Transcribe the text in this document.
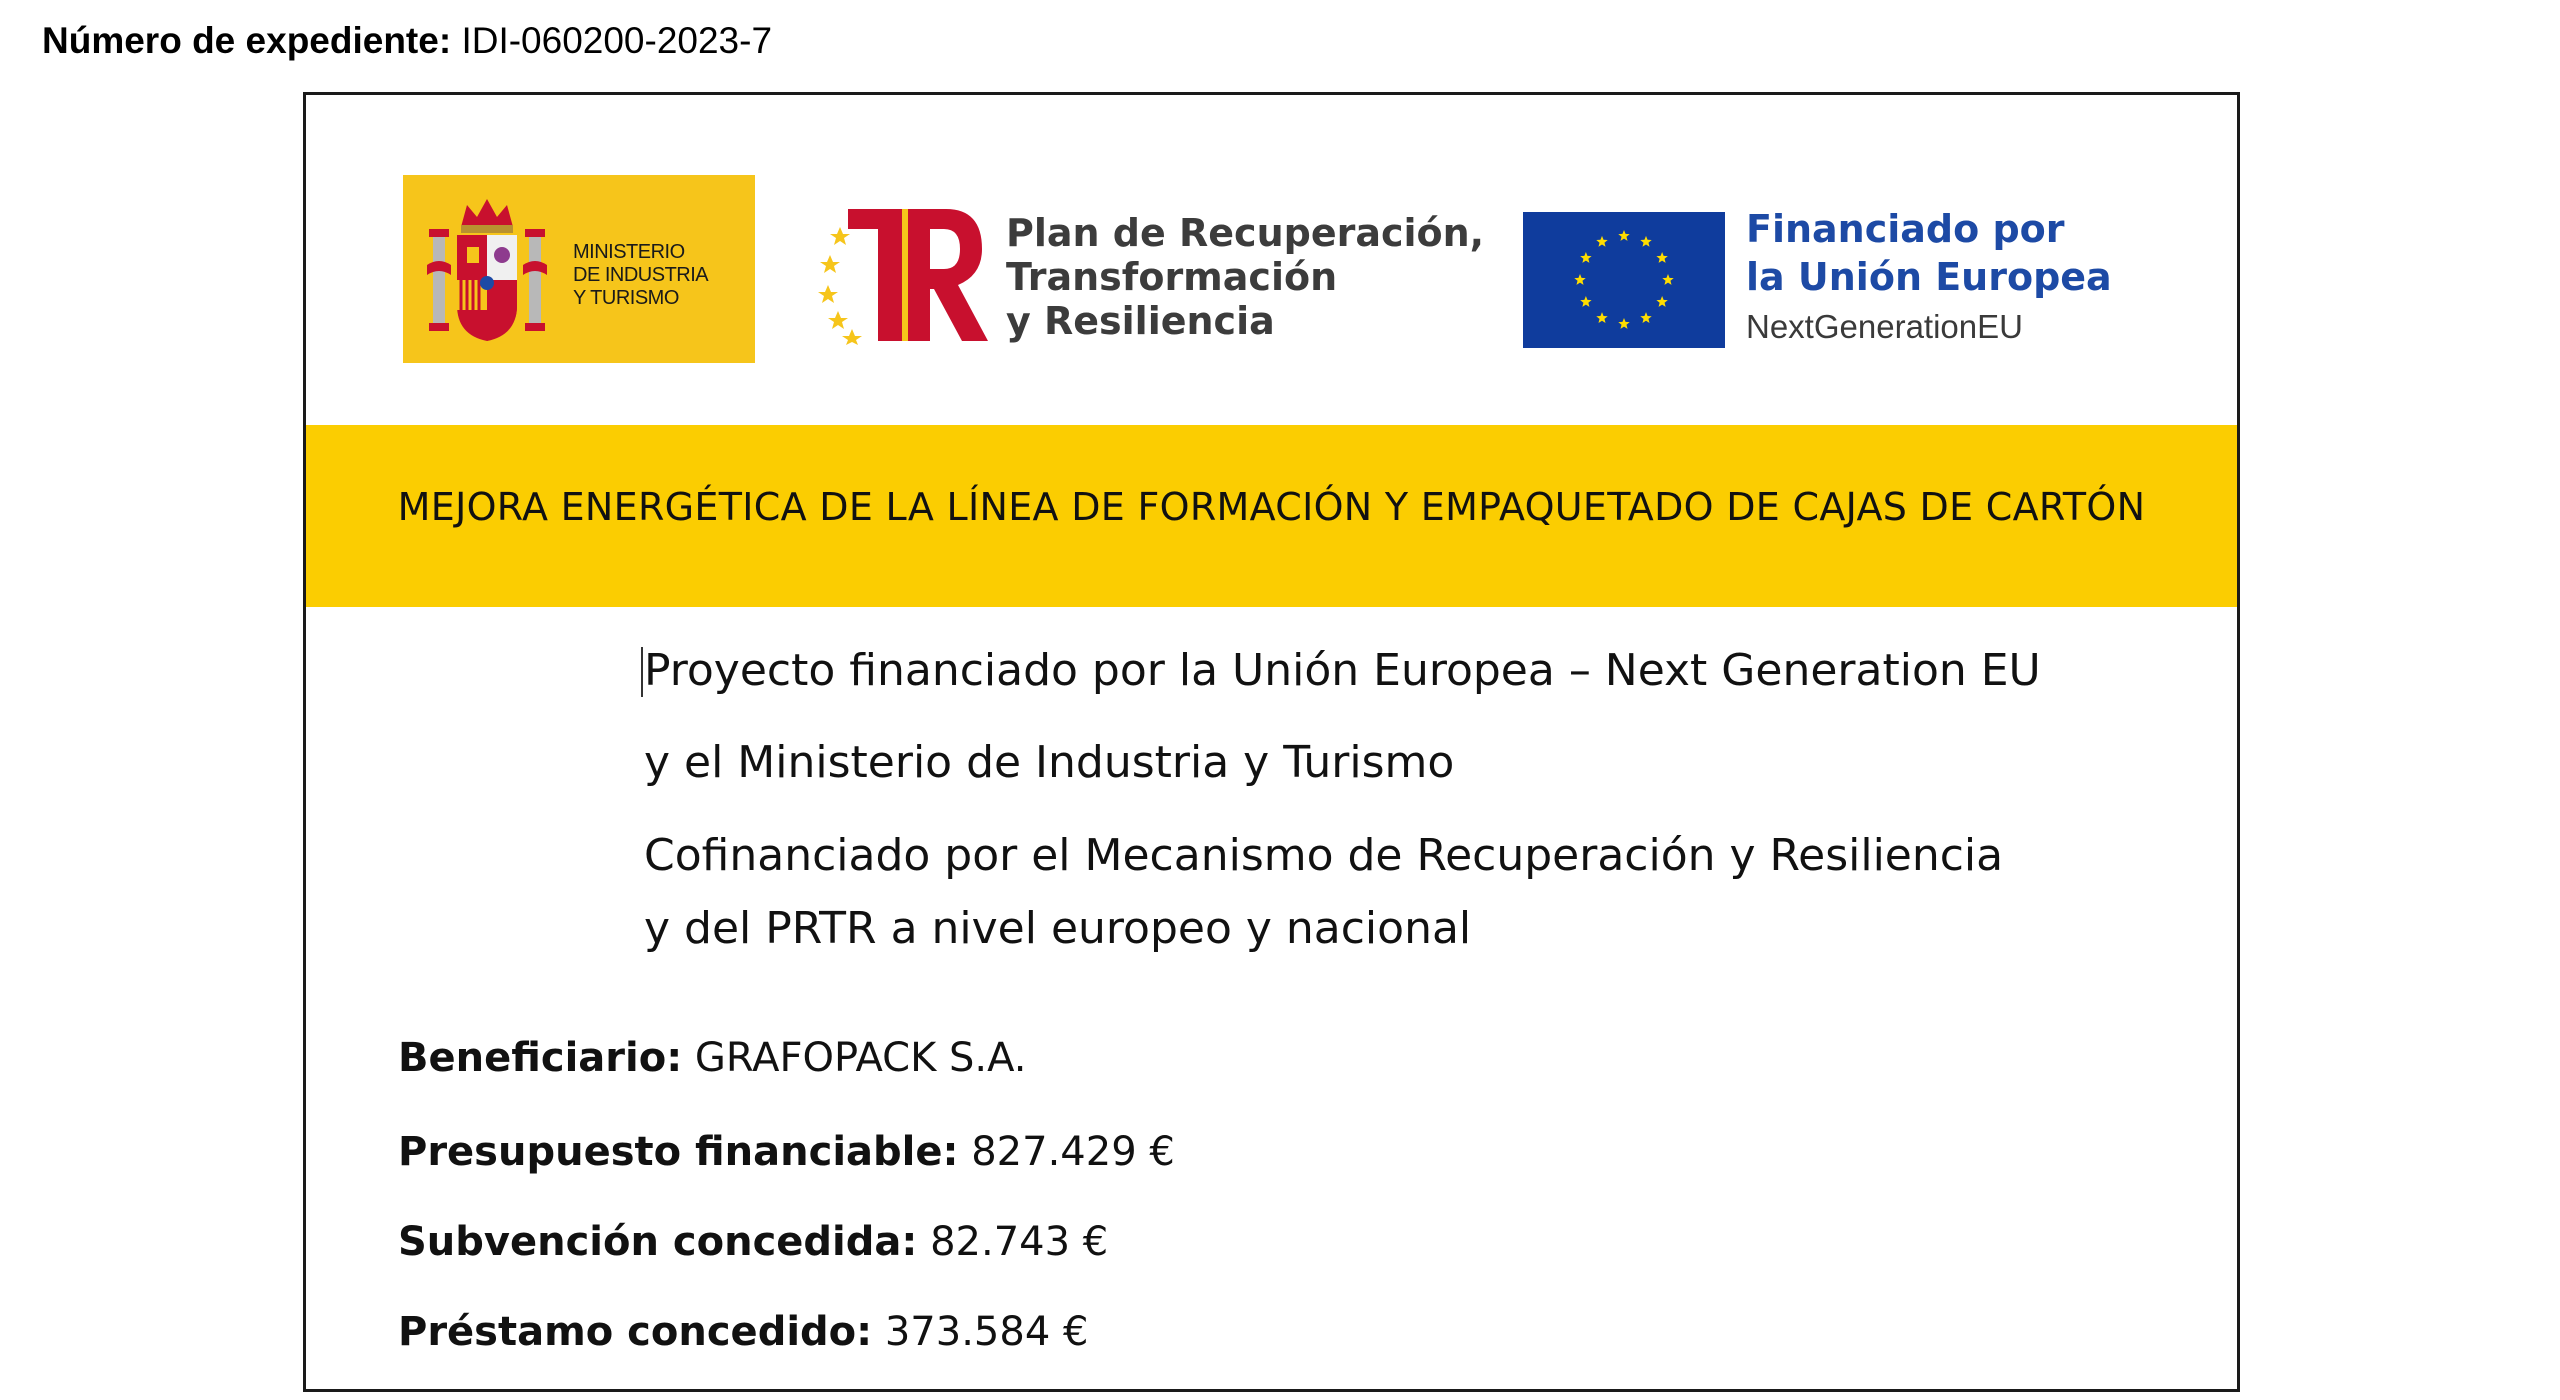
Número de expediente: IDI-060200-2023-7
MINISTERIO
DE INDUSTRIA
Y TURISMO
Plan de Recuperación,
Transformación
y Resiliencia
Financiado por
la Unión Europea
NextGenerationEU
MEJORA ENERGÉTICA DE LA LÍNEA DE FORMACIÓN Y EMPAQUETADO DE CAJAS DE CARTÓN
Proyecto financiado por la Unión Europea – Next Generation EU
y el Ministerio de Industria y Turismo
Cofinanciado por el Mecanismo de Recuperación y Resiliencia
y del PRTR a nivel europeo y nacional
Beneficiario: GRAFOPACK S.A.
Presupuesto financiable: 827.429 €
Subvención concedida: 82.743 €
Préstamo concedido: 373.584 €
